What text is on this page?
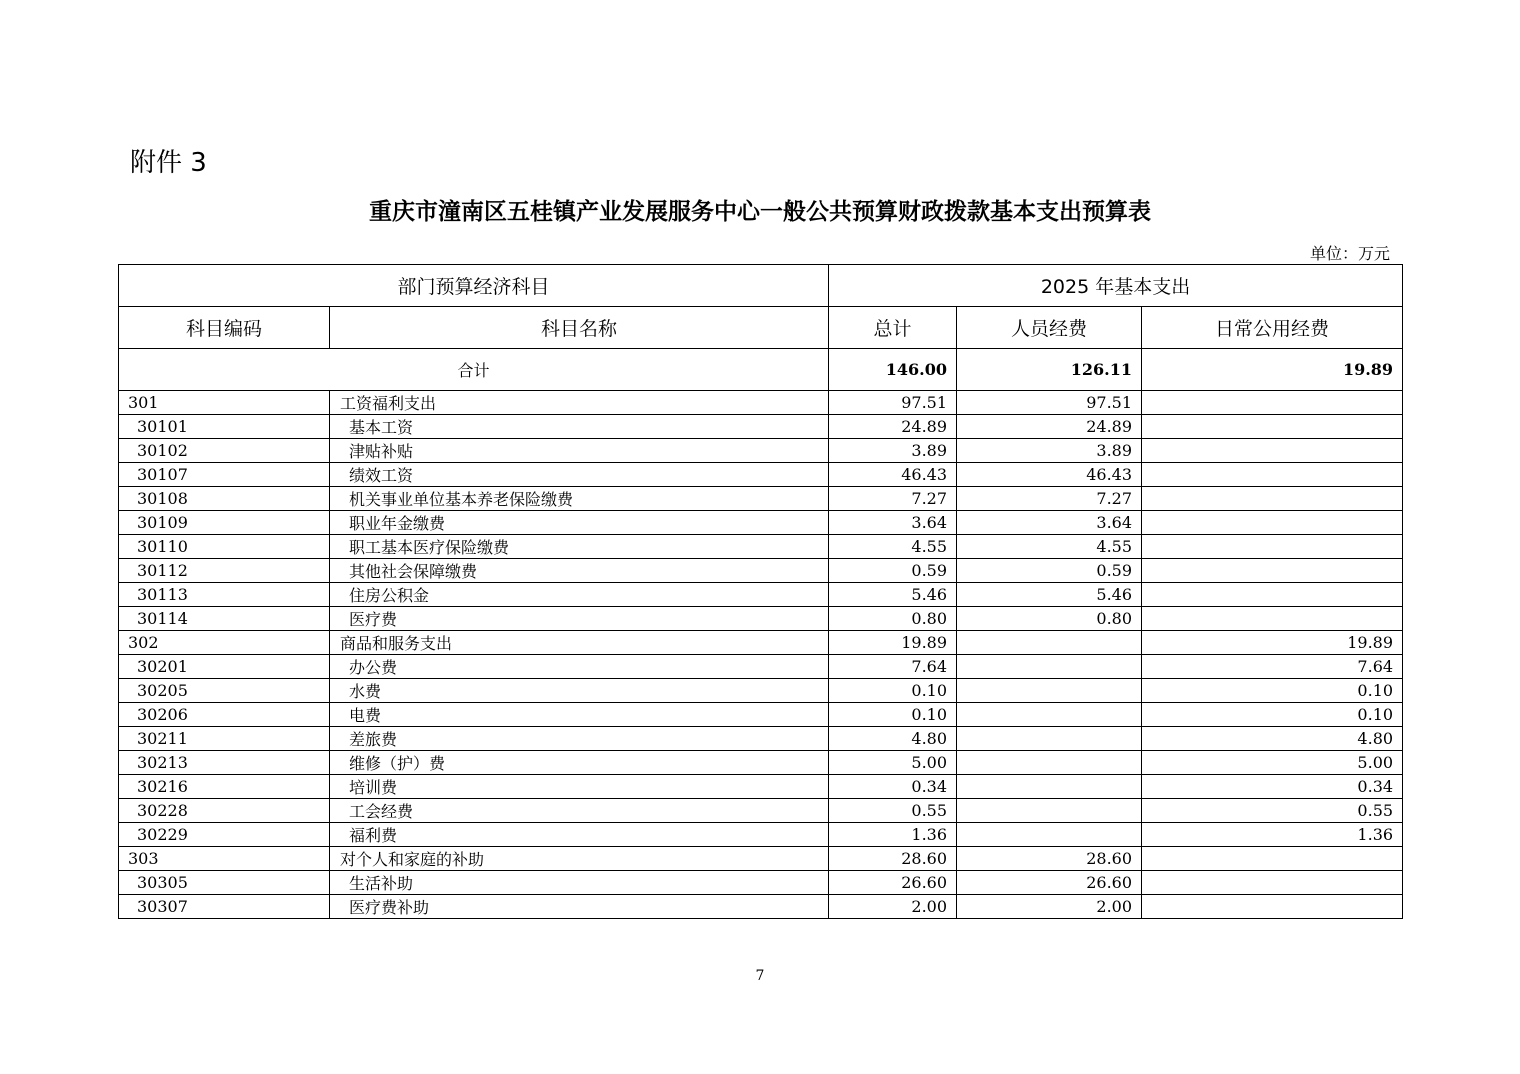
附件 3
重庆市潼南区五桂镇产业发展服务中心一般公共预算财政拨款基本支出预算表
单位：万元
部门预算经济科目		2025 年基本支出		
科目编码	科目名称	总计	人员经费	日常公用经费
合计		146.00	126.11	19.89
301	工资福利支出	97.51	97.51	
30101	基本工资	24.89	24.89	
30102	津贴补贴	3.89	3.89	
30107	绩效工资	46.43	46.43	
30108	机关事业单位基本养老保险缴费	7.27	7.27	
30109	职业年金缴费	3.64	3.64	
30110	职工基本医疗保险缴费	4.55	4.55	
30112	其他社会保障缴费	0.59	0.59	
30113	住房公积金	5.46	5.46	
30114	医疗费	0.80	0.80	
302	商品和服务支出	19.89		19.89
30201	办公费	7.64		7.64
30205	水费	0.10		0.10
30206	电费	0.10		0.10
30211	差旅费	4.80		4.80
30213	维修（护）费	5.00		5.00
30216	培训费	0.34		0.34
30228	工会经费	0.55		0.55
30229	福利费	1.36		1.36
303	对个人和家庭的补助	28.60	28.60	
30305	生活补助	26.60	26.60	
30307	医疗费补助	2.00	2.00	
7
